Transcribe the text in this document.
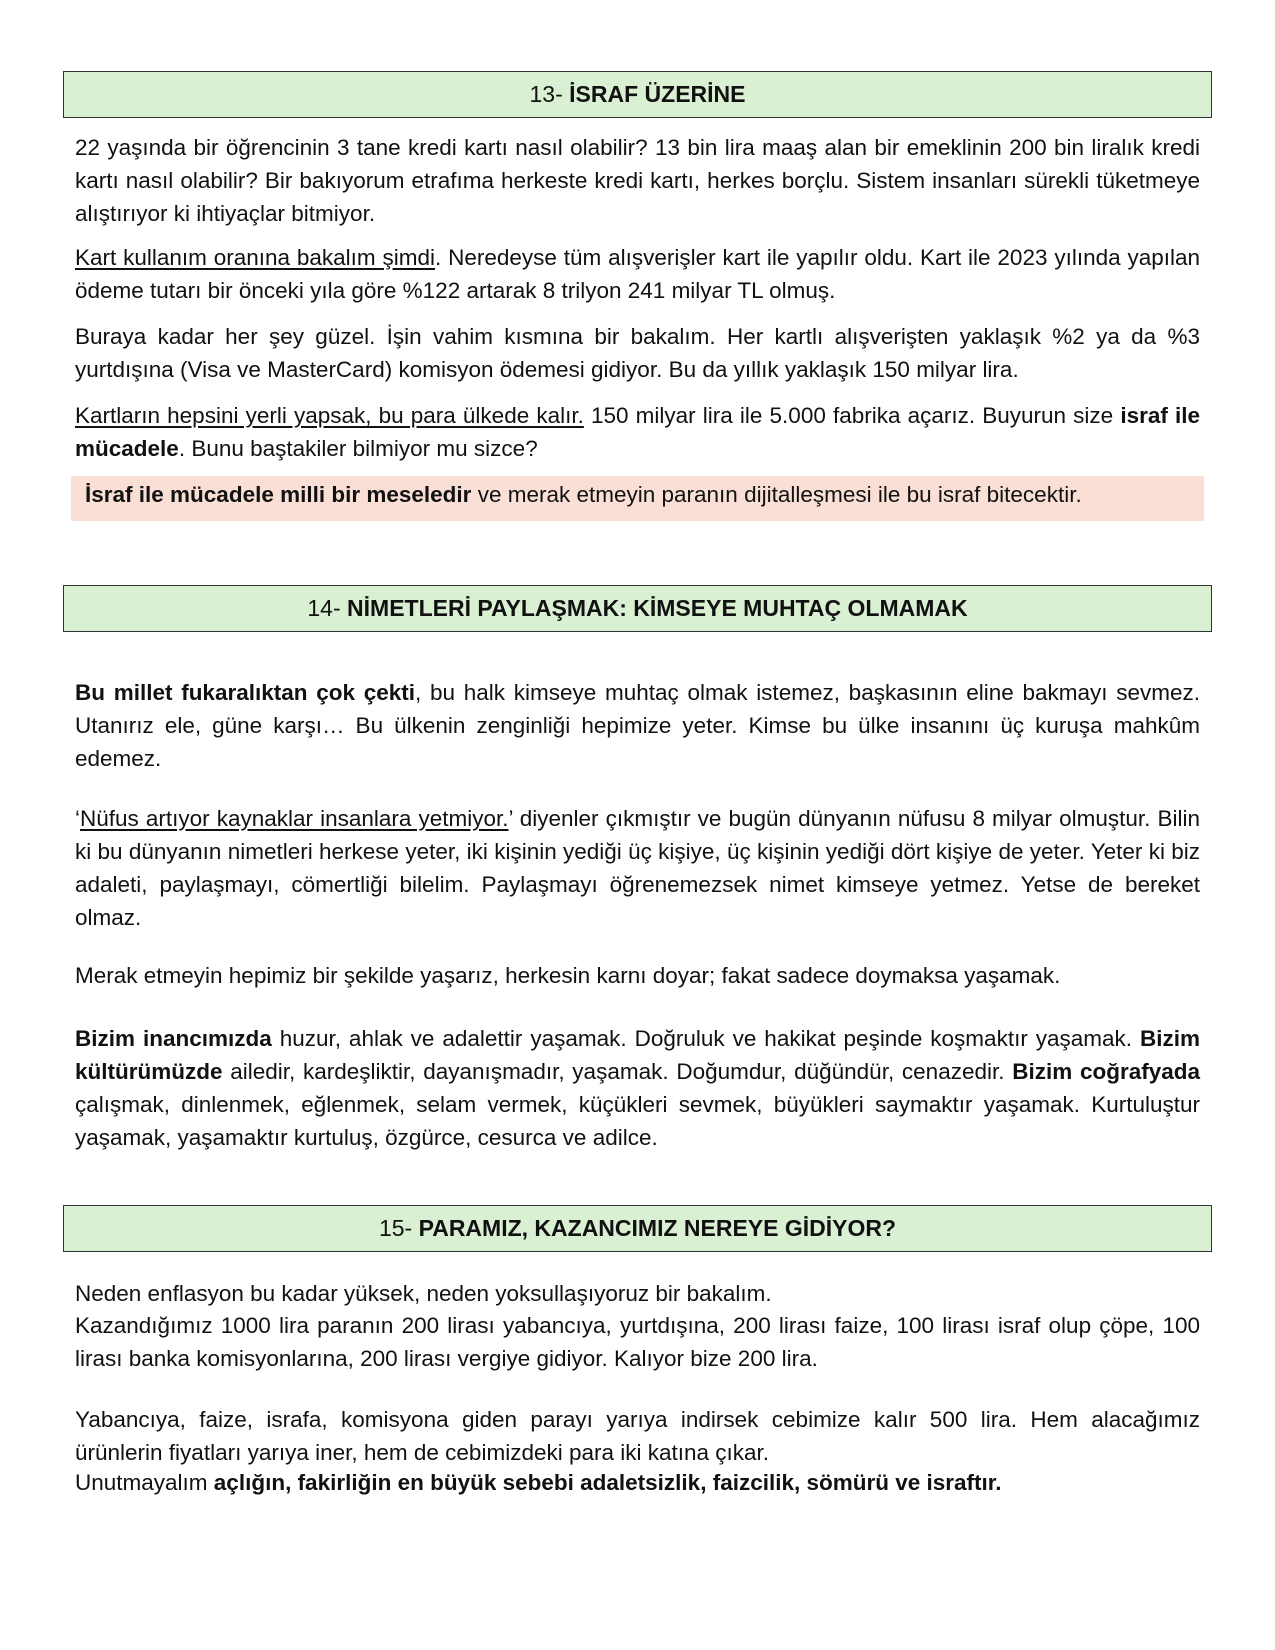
13- İSRAF ÜZERİNE

22 yaşında bir öğrencinin 3 tane kredi kartı nasıl olabilir? 13 bin lira maaş alan bir emeklinin 200 bin liralık kredi kartı nasıl olabilir? Bir bakıyorum etrafıma herkeste kredi kartı, herkes borçlu. Sistem insanları sürekli tüketmeye alıştırıyor ki ihtiyaçlar bitmiyor.

Kart kullanım oranına bakalım şimdi. Neredeyse tüm alışverişler kart ile yapılır oldu. Kart ile 2023 yılında yapılan ödeme tutarı bir önceki yıla göre %122 artarak 8 trilyon 241 milyar TL olmuş.

Buraya kadar her şey güzel. İşin vahim kısmına bir bakalım. Her kartlı alışverişten yaklaşık %2 ya da %3 yurtdışına (Visa ve MasterCard) komisyon ödemesi gidiyor. Bu da yıllık yaklaşık 150 milyar lira.

Kartların hepsini yerli yapsak, bu para ülkede kalır. 150 milyar lira ile 5.000 fabrika açarız. Buyurun size israf ile mücadele. Bunu baştakiler bilmiyor mu sizce?

İsraf ile mücadele milli bir meseledir ve merak etmeyin paranın dijitalleşmesi ile bu israf bitecektir.
14- NİMETLERİ PAYLAŞMAK: KİMSEYE MUHTAÇ OLMAMAK

Bu millet fukaralıktan çok çekti, bu halk kimseye muhtaç olmak istemez, başkasının eline bakmayı sevmez. Utanırız ele, güne karşı… Bu ülkenin zenginliği hepimize yeter. Kimse bu ülke insanını üç kuruşa mahkûm edemez.

‘Nüfus artıyor kaynaklar insanlara yetmiyor.’ diyenler çıkmıştır ve bugün dünyanın nüfusu 8 milyar olmuştur. Bilin ki bu dünyanın nimetleri herkese yeter, iki kişinin yediği üç kişiye, üç kişinin yediği dört kişiye de yeter. Yeter ki biz adaleti, paylaşmayı, cömertliği bilelim. Paylaşmayı öğrenemezsek nimet kimseye yetmez. Yetse de bereket olmaz.

Merak etmeyin hepimiz bir şekilde yaşarız, herkesin karnı doyar; fakat sadece doymaksa yaşamak.

Bizim inancımızda huzur, ahlak ve adalettir yaşamak. Doğruluk ve hakikat peşinde koşmaktır yaşamak. Bizim kültürümüzde ailedir, kardeşliktir, dayanışmadır, yaşamak. Doğumdur, düğündür, cenazedir. Bizim coğrafyada çalışmak, dinlenmek, eğlenmek, selam vermek, küçükleri sevmek, büyükleri saymaktır yaşamak. Kurtuluştur yaşamak, yaşamaktır kurtuluş, özgürce, cesurca ve adilce.

15- PARAMIZ, KAZANCIMIZ NEREYE GİDİYOR?

Neden enflasyon bu kadar yüksek, neden yoksullaşıyoruz bir bakalım.

Kazandığımız 1000 lira paranın 200 lirası yabancıya, yurtdışına, 200 lirası faize, 100 lirası israf olup çöpe, 100 lirası banka komisyonlarına, 200 lirası vergiye gidiyor. Kalıyor bize 200 lira.

Yabancıya, faize, israfa, komisyona giden parayı yarıya indirsek cebimize kalır 500 lira. Hem alacağımız ürünlerin fiyatları yarıya iner, hem de cebimizdeki para iki katına çıkar.

Unutmayalım açlığın, fakirliğin en büyük sebebi adaletsizlik, faizcilik, sömürü ve israftır.
